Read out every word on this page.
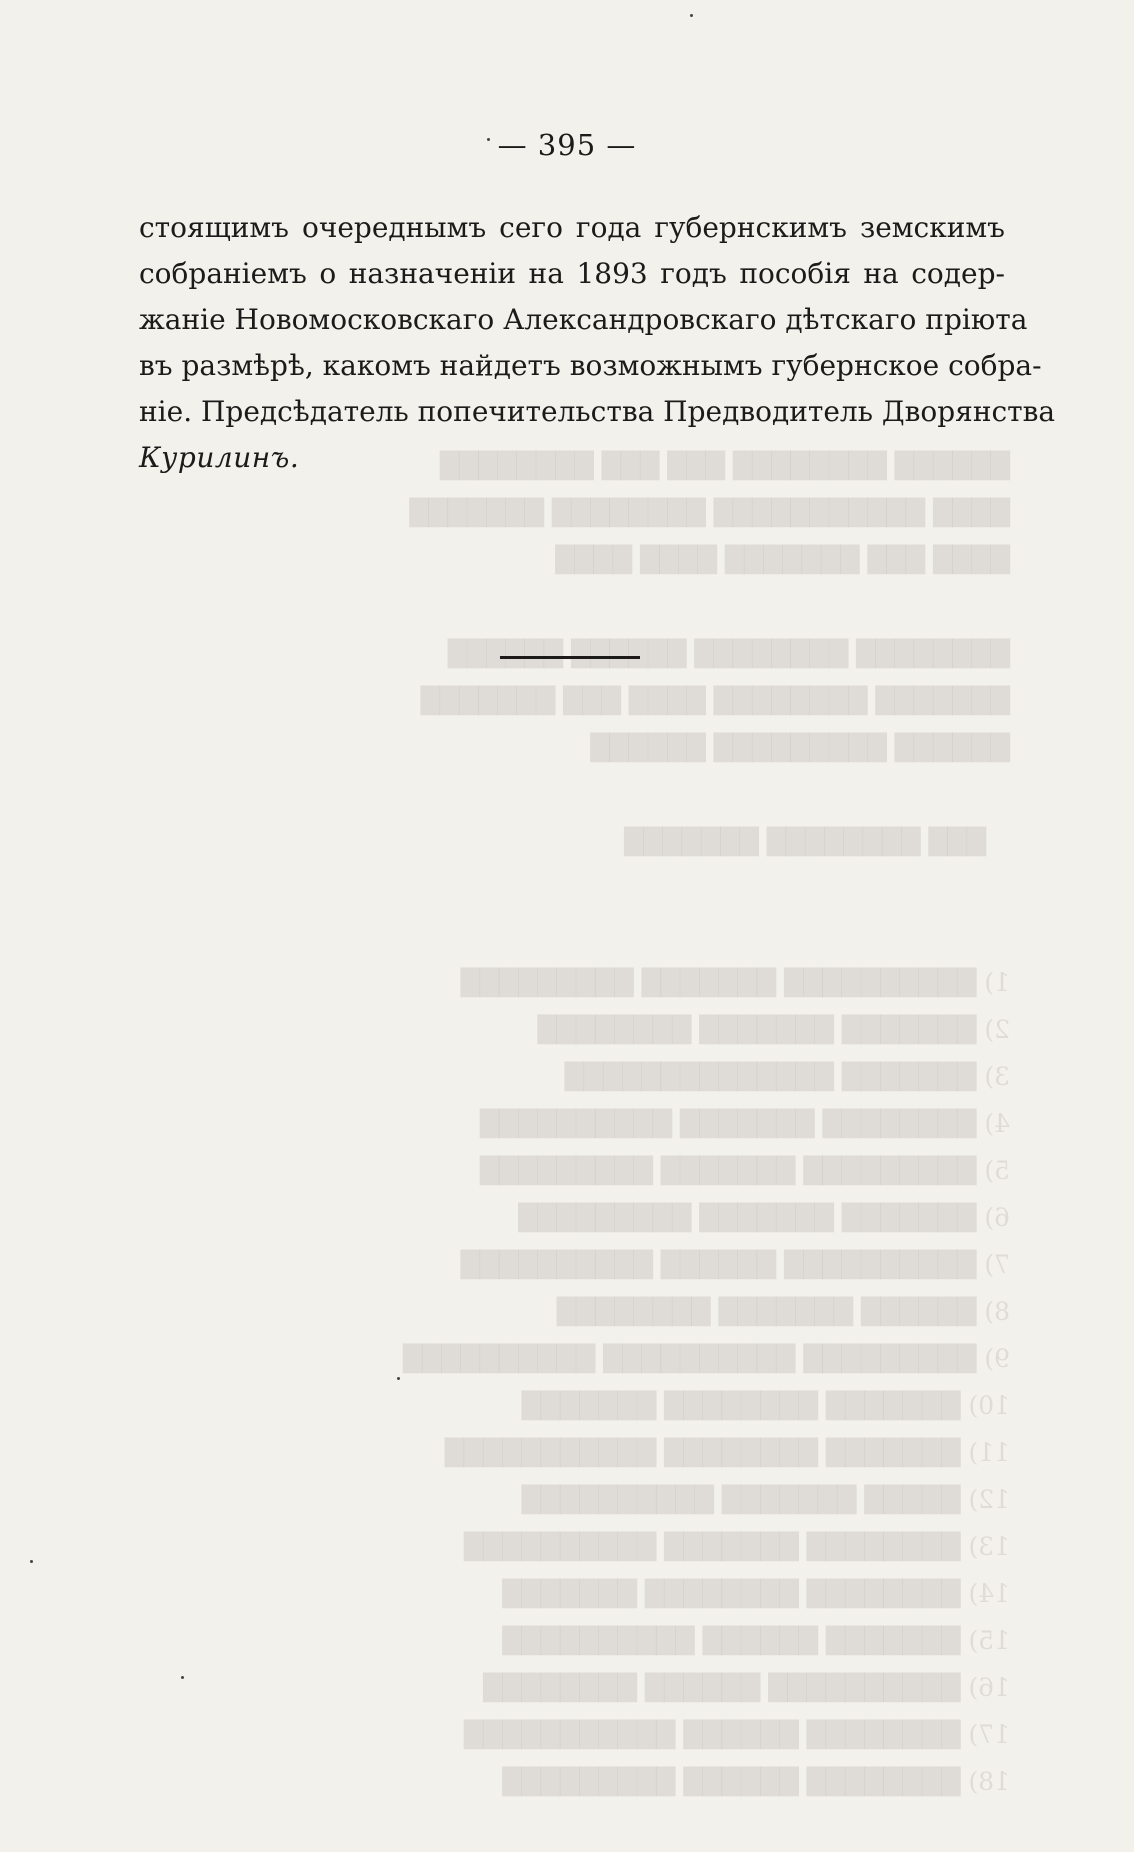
██████ ████████ ███ ███ ████████
████ ███████████ ████████ ███████
████ ███ ███████ ████ ████

████████ ████████ ██████ ██████
███████ ████████ ████ ███ ███████
██████ █████████ ██████

███ ████████ ███████

1) ██████████ ███████ █████████
2) ███████ ███████ ████████
3) ███████ ██████████████
4) ████████ ███████ ██████████
5) █████████ ███████ █████████
6) ███████ ███████ █████████
7) ██████████ ██████ ██████████
8) ██████ ███████ ████████
9) █████████ ██████████ ██████████
10) ███████ ████████ ███████
11) ███████ ████████ ███████████
12) █████ ███████ ██████████
13) ████████ ███████ ██████████
14) ████████ ████████ ███████
15) ███████ ██████ ██████████
16) ██████████ ██████ ████████
17) ████████ ██████ ███████████
18) ████████ ██████ █████████

— 395 —
стоящимъ очереднымъ сего года губернскимъ земскимъ
собраніемъ о назначеніи на 1893 годъ пособія на содер-
жаніе Новомосковскаго Александровскаго дѣтскаго пріюта
въ размѣрѣ, какомъ найдетъ возможнымъ губернское собра-
ніе. Предсѣдатель попечительства Предводитель Дворянства
Курилинъ.
